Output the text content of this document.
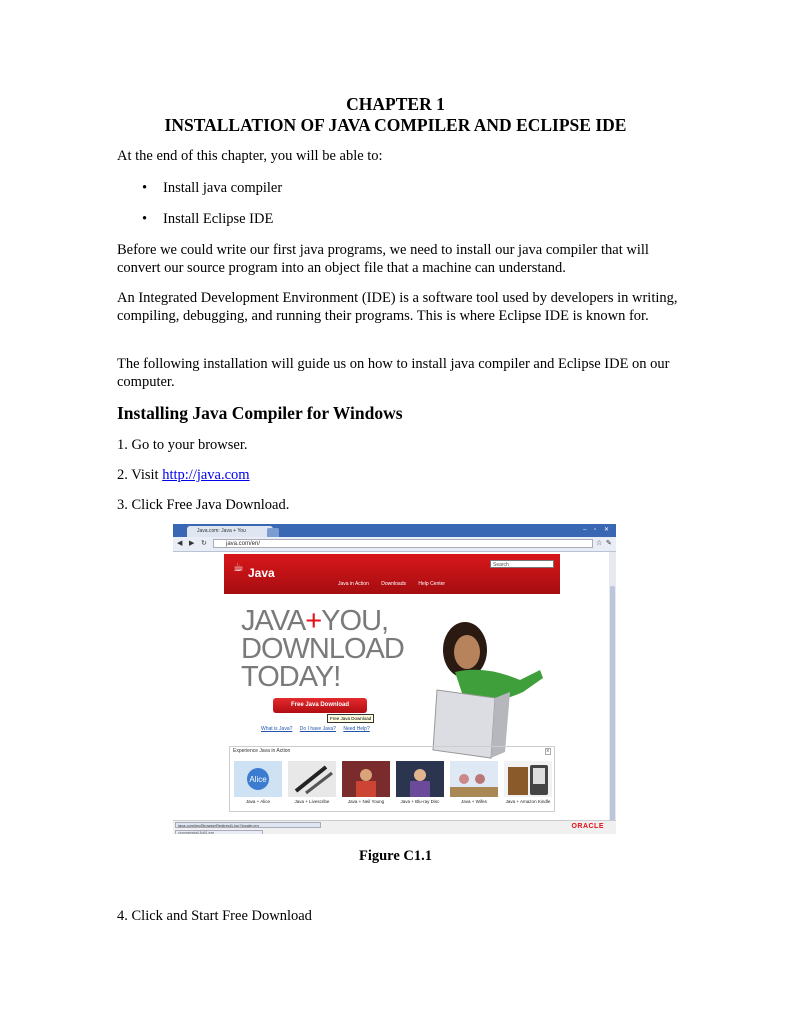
CHAPTER 1
INSTALLATION OF JAVA COMPILER AND ECLIPSE IDE

At the end of this chapter, you will be able to:

• Install java compiler
• Install Eclipse IDE

Before we could write our first java programs, we need to install our java compiler that will convert our source program into an object file that a machine can understand.

An Integrated Development Environment (IDE) is a software tool used by developers in writing, compiling, debugging, and running their programs. This is where Eclipse IDE is known for.

The following installation will guide us on how to install java compiler and Eclipse IDE on our computer.

Installing Java Compiler for Windows

1. Go to your browser.

2. Visit http://java.com

3. Click Free Java Download.

Java.com: Java + You	– ▫ ✕
◀ ▶ ↻	java.com/en/	☆ ✎
☕ Java
Search
Java in Action Downloads Help Center
JAVA+YOU,
DOWNLOAD
TODAY!
Free Java Download
Free Java Download
What is Java? Do I have Java? Need Help?
Experience Java in Action	x
Alice
Java + Alice	Java + Livescribe	Java + Neil Young	Java + Blu-ray Disc	Java + Wifes	Java + Amazon Kindle
java.com/inc/BrowserRedirect1.jsp?locale=en
chromeinstall-8u51.exe
ORACLE
Figure C1.1

4. Click and Start Free Download
